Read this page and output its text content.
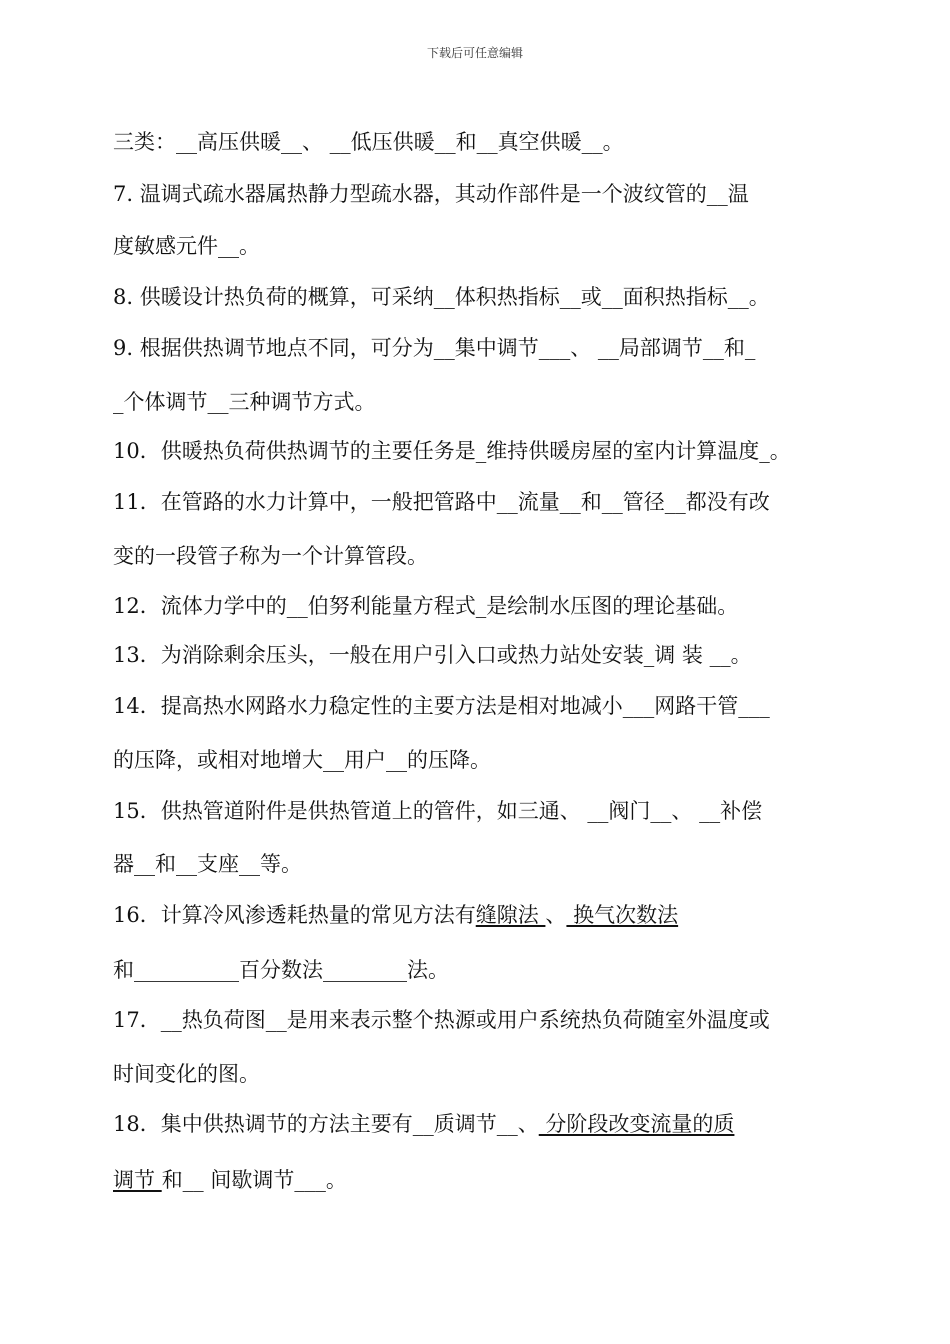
下载后可任意编辑
三类：__高压供暖__、 __低压供暖__和__真空供暖__。
7. 温调式疏水器属热静力型疏水器，其动作部件是一个波纹管的__温
度敏感元件__。
8. 供暖设计热负荷的概算，可采纳__体积热指标__或__面积热指标__。
9. 根据供热调节地点不同，可分为__集中调节___、 __局部调节__和_
_个体调节__三种调节方式。
10．供暖热负荷供热调节的主要任务是_维持供暖房屋的室内计算温度_。
11．在管路的水力计算中，一般把管路中__流量__和__管径__都没有改
变的一段管子称为一个计算管段。
12．流体力学中的__伯努利能量方程式_是绘制水压图的理论基础。
13．为消除剩余压头，一般在用户引入口或热力站处安装_调 装 __。
14．提高热水网路水力稳定性的主要方法是相对地减小___网路干管___
的压降，或相对地增大__用户__的压降。
15．供热管道附件是供热管道上的管件，如三通、 __阀门__、 __补偿
器__和__支座__等。
16．计算冷风渗透耗热量的常见方法有缝隙法 、 换气次数法
和__________百分数法________法。
17．__热负荷图__是用来表示整个热源或用户系统热负荷随室外温度或
时间变化的图。
18．集中供热调节的方法主要有__质调节__、 分阶段改变流量的质
调节 和__ 间歇调节___。
